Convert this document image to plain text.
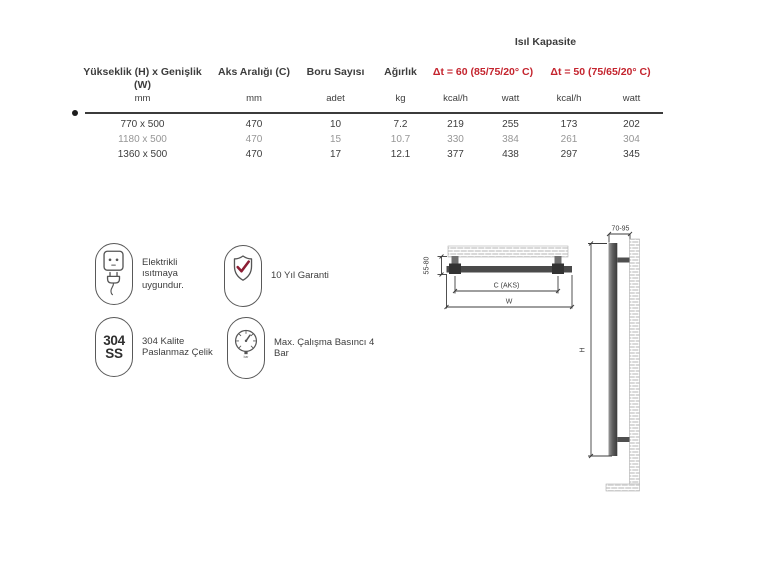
Isıl Kapasite
Yükseklik (H) x Genişlik (W)
Aks Aralığı (C)	Boru Sayısı	Ağırlık	Δt = 60 (85/75/20° C)	Δt = 50 (75/65/20° C)
mm	mm	adet	kg	kcal/h	watt	kcal/h	watt
770 x 500	470	10	7.2	219	255	173	202
1180 x 500	470	15	10.7	330	384	261	304
1360 x 500	470	17	12.1	377	438	297	345
Elektrikli ısıtmaya uygundur.
10 Yıl Garanti
304
SS
304 Kalite Paslanmaz Çelik	bar
Max. Çalışma Basıncı 4 Bar
55-80
C (AKS)
W
70-95
H
